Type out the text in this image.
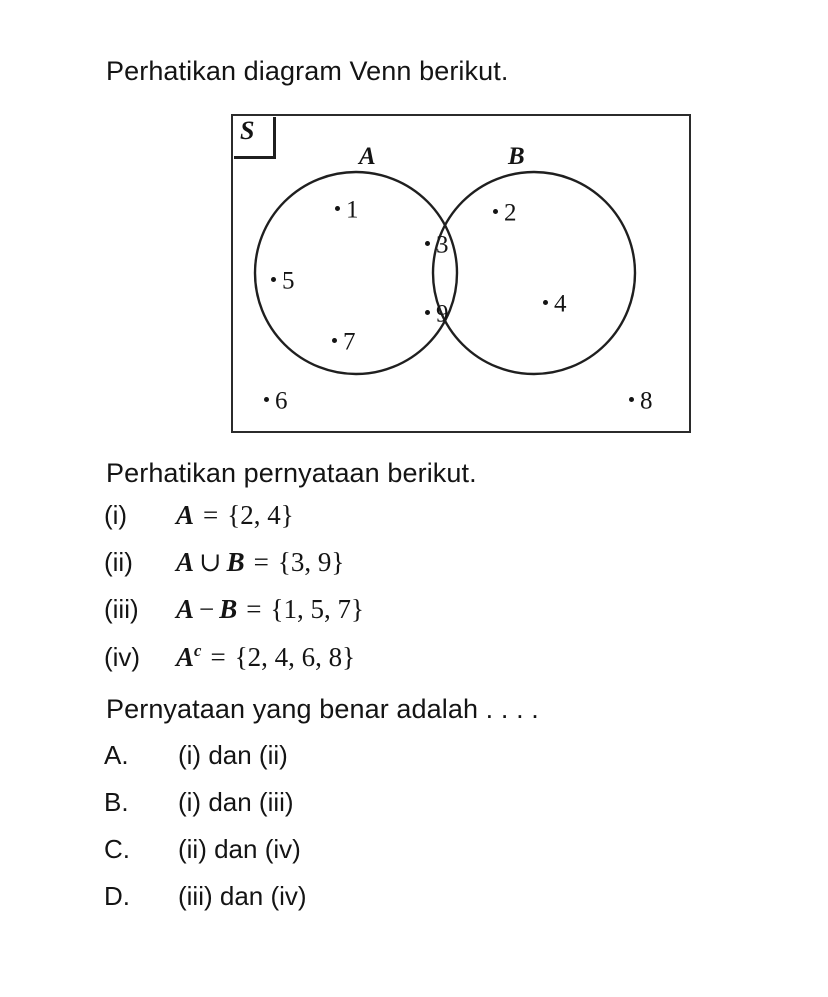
Perhatikan diagram Venn berikut.
S
A	B
1
5
7
3
9
2
4
6	8
Perhatikan pernyataan berikut.
(i) A = {2, 4}
(ii) A ∪ B = {3, 9}
(iii) A − B = {1, 5, 7}
(iv) $A^c = \{2$, 4, 6, 8}
Pernyataan yang benar adalah . . . .
A. (i) dan (ii)
B. (i) dan (iii)
C. (ii) dan (iv)
D. (iii) dan (iv)
